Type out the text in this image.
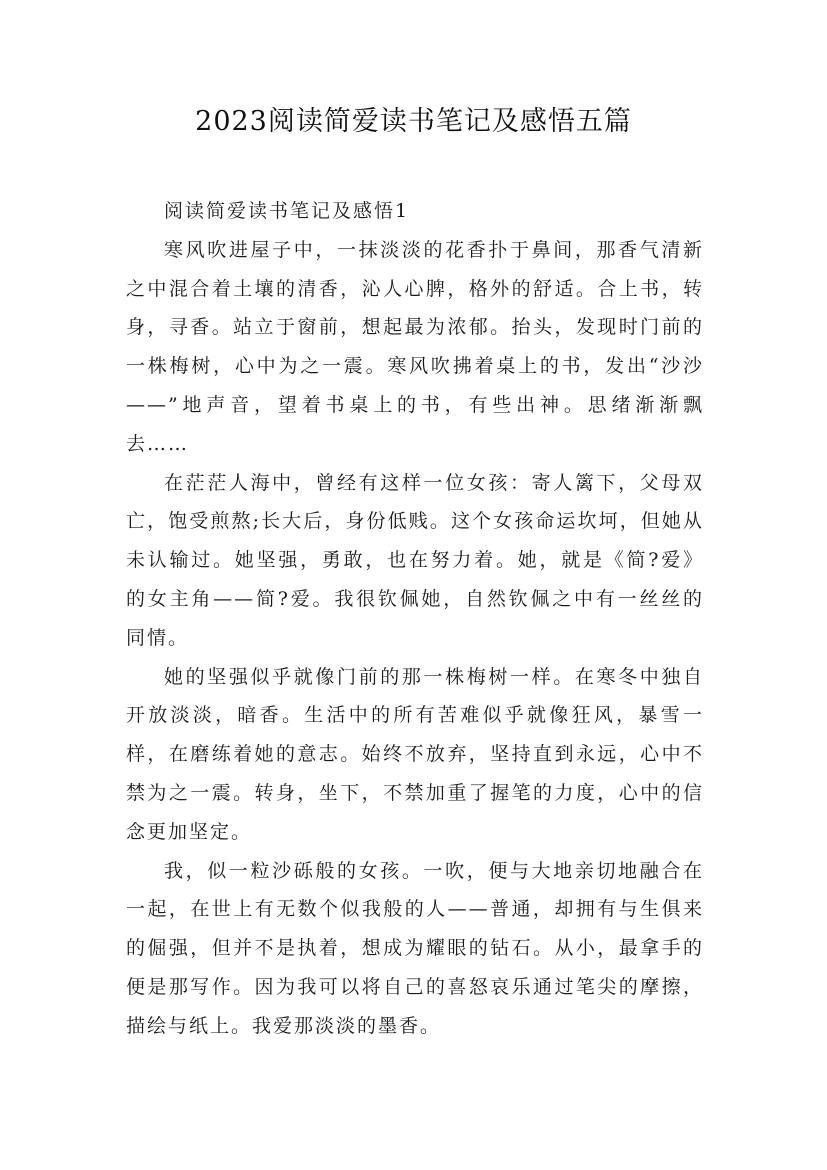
2023阅读简爱读书笔记及感悟五篇

阅读简爱读书笔记及感悟1

寒风吹进屋子中，一抹淡淡的花香扑于鼻间，那香气清新之中混合着土壤的清香，沁人心脾，格外的舒适。合上书，转身，寻香。站立于窗前，想起最为浓郁。抬头，发现时门前的一株梅树，心中为之一震。寒风吹拂着桌上的书，发出“沙沙——”地声音，望着书桌上的书，有些出神。思绪渐渐飘去……

在茫茫人海中，曾经有这样一位女孩：寄人篱下，父母双亡，饱受煎熬;长大后，身份低贱。这个女孩命运坎坷，但她从未认输过。她坚强，勇敢，也在努力着。她，就是《简?爱》的女主角——简?爱。我很钦佩她，自然钦佩之中有一丝丝的同情。

她的坚强似乎就像门前的那一株梅树一样。在寒冬中独自开放淡淡，暗香。生活中的所有苦难似乎就像狂风，暴雪一样，在磨练着她的意志。始终不放弃，坚持直到永远，心中不禁为之一震。转身，坐下，不禁加重了握笔的力度，心中的信念更加坚定。

我，似一粒沙砾般的女孩。一吹，便与大地亲切地融合在一起，在世上有无数个似我般的人——普通，却拥有与生俱来的倔强，但并不是执着，想成为耀眼的钻石。从小，最拿手的便是那写作。因为我可以将自己的喜怒哀乐通过笔尖的摩擦，描绘与纸上。我爱那淡淡的墨香。
